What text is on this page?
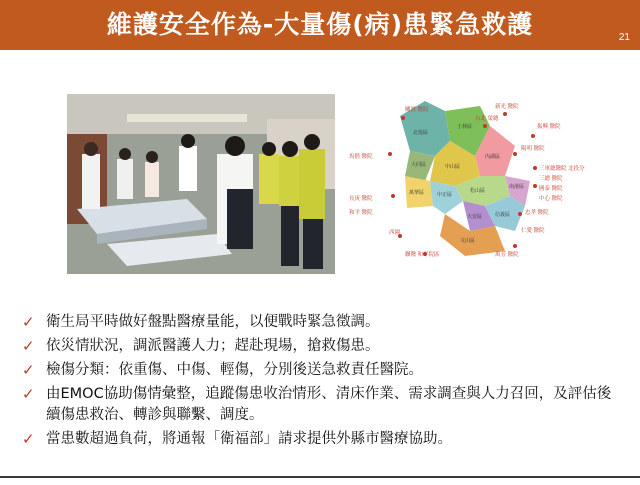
維護安全作為-大量傷(病)患緊急救護	21
關渡 醫院	新光 醫院
台北 榮總
振興 醫院
陽明 醫院
馬偕 醫院
三軍總醫院 北投分院
三總 醫院
國泰 醫院
長庚 醫院	中心 醫院
和平 醫院	忠孝 醫院
仁愛 醫院
萬芳 醫院
西園
聯醫 和平院區
北投區
士林區
內湖區
大同區	中山區
松山區
萬華區	中正區
大安區	信義區
南港區
文山區
✓ 衛生局平時做好盤點醫療量能，以便戰時緊急徵調。
✓ 依災情狀況，調派醫護人力；趕赴現場，搶救傷患。
✓ 檢傷分類：依重傷、中傷、輕傷，分別後送急救責任醫院。
✓ 由EMOC協助傷情彙整，追蹤傷患收治情形、清床作業、需求調查與人力召回，及評估後續傷患救治、轉診與聯繫、調度。
✓ 當患數超過負荷，將通報「衛福部」請求提供外縣市醫療協助。
